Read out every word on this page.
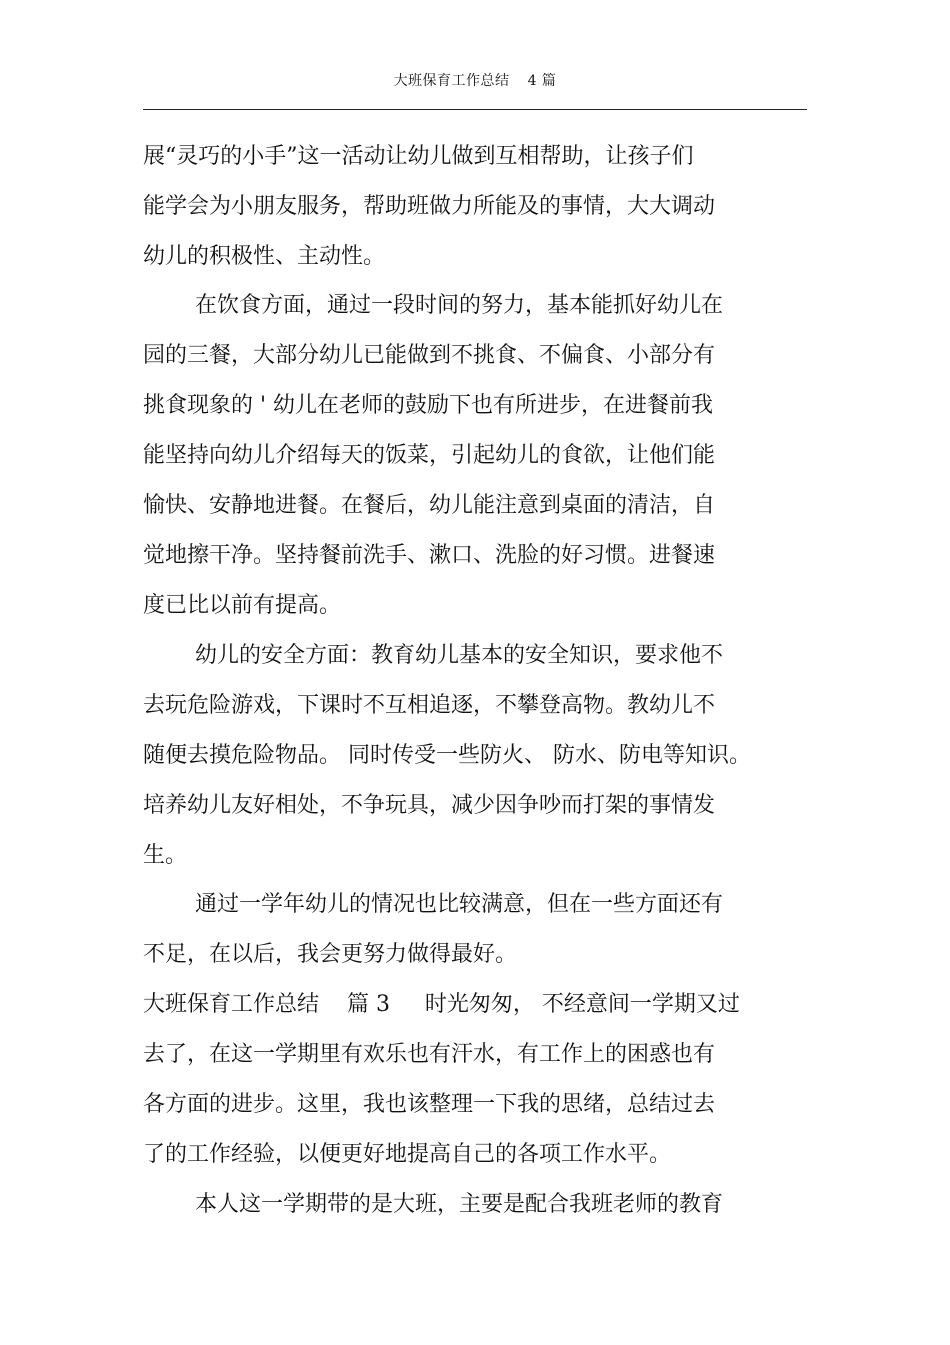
大班保育工作总结 4 篇
展“灵巧的小手”这一活动让幼儿做到互相帮助，让孩子们
能学会为小朋友服务，帮助班做力所能及的事情，大大调动
幼儿的积极性、主动性。
在饮食方面，通过一段时间的努力，基本能抓好幼儿在
园的三餐，大部分幼儿已能做到不挑食、不偏食、小部分有
挑食现象的 ' 幼儿在老师的鼓励下也有所进步，在进餐前我
能坚持向幼儿介绍每天的饭菜，引起幼儿的食欲，让他们能
愉快、安静地进餐。在餐后，幼儿能注意到桌面的清洁，自
觉地擦干净。坚持餐前洗手、漱口、洗脸的好习惯。进餐速
度已比以前有提高。
幼儿的安全方面：教育幼儿基本的安全知识，要求他不
去玩危险游戏，下课时不互相追逐，不攀登高物。教幼儿不
随便去摸危险物品。 同时传受一些防火、 防水、防电等知识。
培养幼儿友好相处，不争玩具，减少因争吵而打架的事情发
生。
通过一学年幼儿的情况也比较满意，但在一些方面还有
不足，在以后，我会更努力做得最好。
大班保育工作总结    篇 3     时光匆匆， 不经意间一学期又过
去了，在这一学期里有欢乐也有汗水，有工作上的困惑也有
各方面的进步。这里，我也该整理一下我的思绪，总结过去
了的工作经验，以便更好地提高自己的各项工作水平。
本人这一学期带的是大班，主要是配合我班老师的教育
